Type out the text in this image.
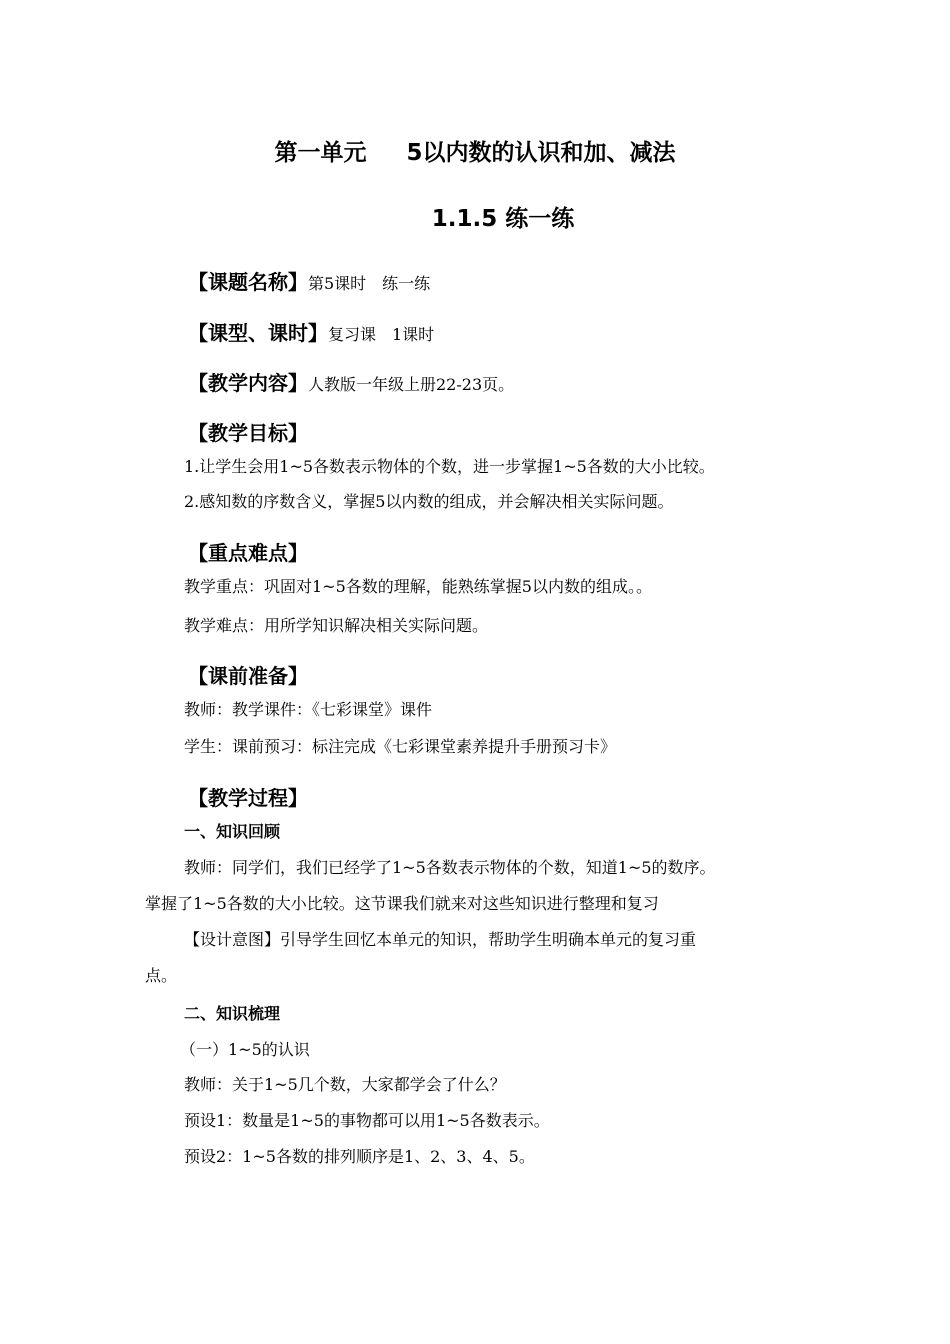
第一单元 5以内数的认识和加、减法
1.1.5 练一练
【课题名称】第5课时　练一练
【课型、课时】复习课　1课时
【教学内容】人教版一年级上册22-23页。
【教学目标】
1.让学生会用1~5各数表示物体的个数，进一步掌握1~5各数的大小比较。
2.感知数的序数含义，掌握5以内数的组成，并会解决相关实际问题。
【重点难点】
教学重点：巩固对1~5各数的理解，能熟练掌握5以内数的组成。。
教学难点：用所学知识解决相关实际问题。
【课前准备】
教师：教学课件：《七彩课堂》课件
学生：课前预习：标注完成《七彩课堂素养提升手册预习卡》
【教学过程】
一、知识回顾
教师：同学们，我们已经学了1~5各数表示物体的个数，知道1~5的数序。
掌握了1~5各数的大小比较。这节课我们就来对这些知识进行整理和复习
【设计意图】引导学生回忆本单元的知识，帮助学生明确本单元的复习重
点。
二、知识梳理
（一）1~5的认识
教师：关于1~5几个数，大家都学会了什么？
预设1：数量是1~5的事物都可以用1~5各数表示。
预设2：1~5各数的排列顺序是1、2、3、4、5。
